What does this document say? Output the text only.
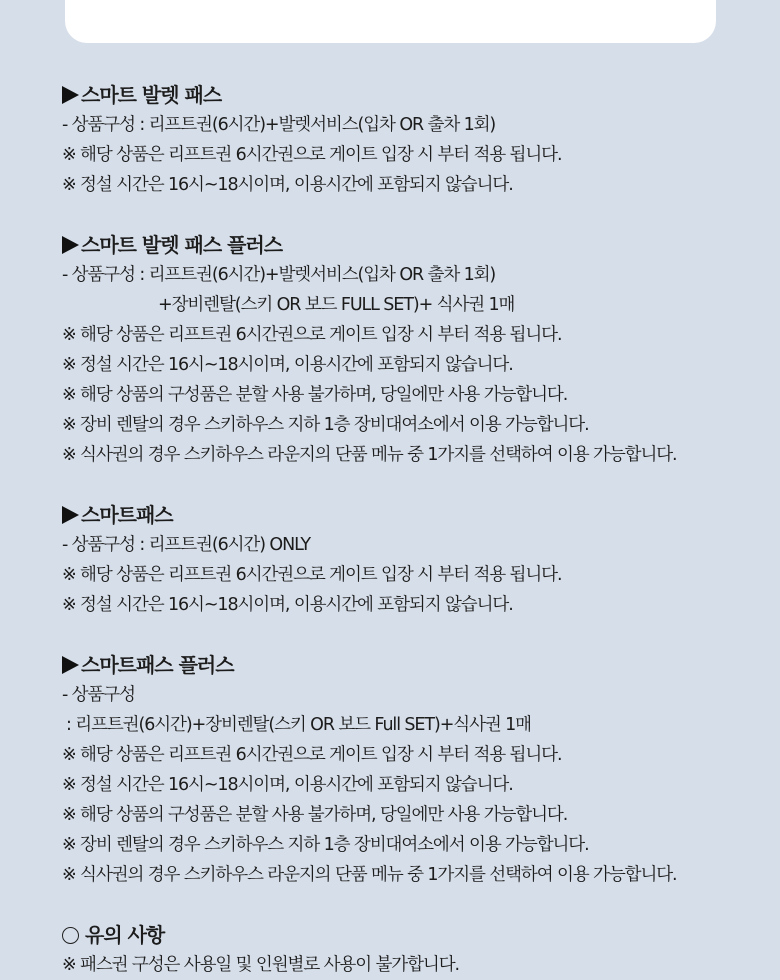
스마트 발렛 패스
- 상품구성 : 리프트권(6시간)+발렛서비스(입차 OR 출차 1회)
※ 해당 상품은 리프트권 6시간권으로 게이트 입장 시 부터 적용 됩니다.
※ 정설 시간은 16시~18시이며, 이용시간에 포함되지 않습니다.
스마트 발렛 패스 플러스
- 상품구성 : 리프트권(6시간)+발렛서비스(입차 OR 출차 1회)
+장비렌탈(스키 OR 보드 FULL SET)+ 식사권 1매
※ 해당 상품은 리프트권 6시간권으로 게이트 입장 시 부터 적용 됩니다.
※ 정설 시간은 16시~18시이며, 이용시간에 포함되지 않습니다.
※ 해당 상품의 구성품은 분할 사용 불가하며, 당일에만 사용 가능합니다.
※ 장비 렌탈의 경우 스키하우스 지하 1층 장비대여소에서 이용 가능합니다.
※ 식사권의 경우 스키하우스 라운지의 단품 메뉴 중 1가지를 선택하여 이용 가능합니다.
스마트패스
- 상품구성 : 리프트권(6시간) ONLY
※ 해당 상품은 리프트권 6시간권으로 게이트 입장 시 부터 적용 됩니다.
※ 정설 시간은 16시~18시이며, 이용시간에 포함되지 않습니다.
스마트패스 플러스
- 상품구성
: 리프트권(6시간)+장비렌탈(스키 OR 보드 Full SET)+식사권 1매
※ 해당 상품은 리프트권 6시간권으로 게이트 입장 시 부터 적용 됩니다.
※ 정설 시간은 16시~18시이며, 이용시간에 포함되지 않습니다.
※ 해당 상품의 구성품은 분할 사용 불가하며, 당일에만 사용 가능합니다.
※ 장비 렌탈의 경우 스키하우스 지하 1층 장비대여소에서 이용 가능합니다.
※ 식사권의 경우 스키하우스 라운지의 단품 메뉴 중 1가지를 선택하여 이용 가능합니다.
유의 사항
※ 패스권 구성은 사용일 및 인원별로 사용이 불가합니다.
